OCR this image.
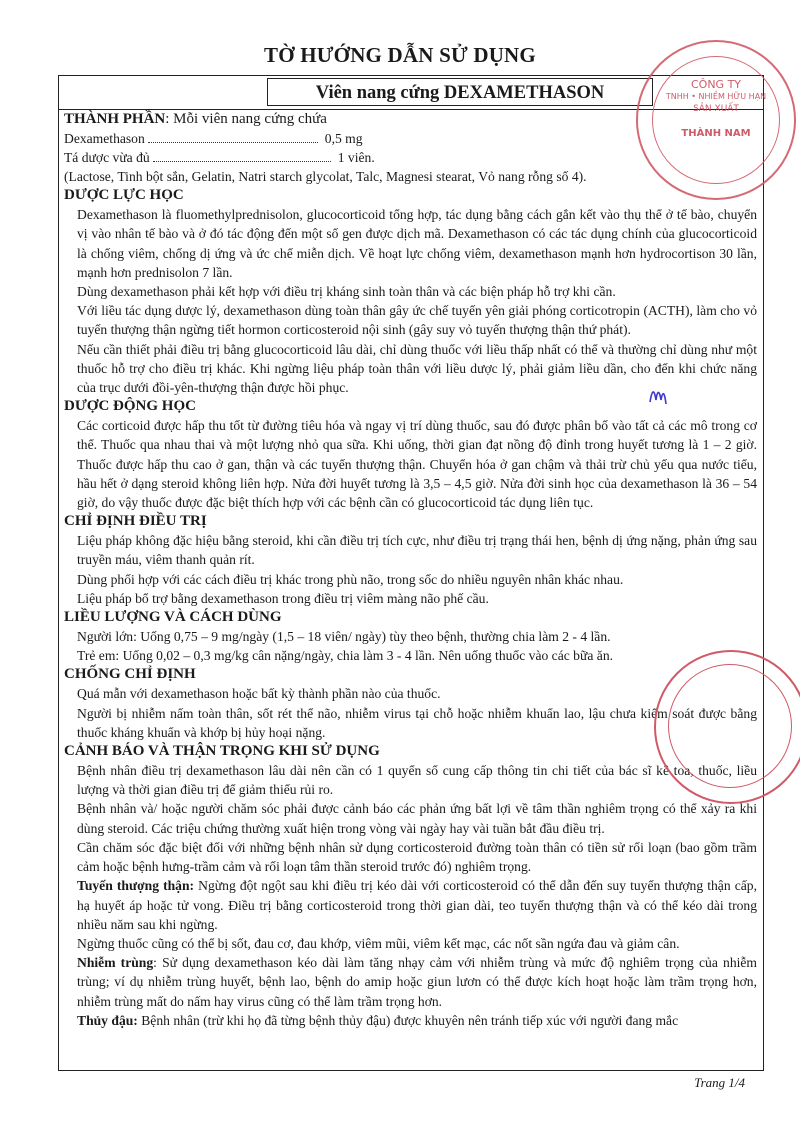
TỜ HƯỚNG DẪN SỬ DỤNG
Viên nang cứng DEXAMETHASON
THÀNH PHẦN: Mỗi viên nang cứng chứa
Dexamethason	0,5 mg
Tá dược vừa đủ	1 viên.
(Lactose, Tinh bột sắn, Gelatin, Natri starch glycolat, Talc, Magnesi stearat, Vỏ nang rỗng số 4).
DƯỢC LỰC HỌC
Dexamethason là fluomethylprednisolon, glucocorticoid tổng hợp, tác dụng bằng cách gắn kết vào thụ thể ở tế bào, chuyển vị vào nhân tế bào và ở đó tác động đến một số gen được dịch mã. Dexamethason có các tác dụng chính của glucocorticoid là chống viêm, chống dị ứng và ức chế miễn dịch. Về hoạt lực chống viêm, dexamethason mạnh hơn hydrocortison 30 lần, mạnh hơn prednisolon 7 lần.
Dùng dexamethason phải kết hợp với điều trị kháng sinh toàn thân và các biện pháp hỗ trợ khi cần.
Với liều tác dụng dược lý, dexamethason dùng toàn thân gây ức chế tuyến yên giải phóng corticotropin (ACTH), làm cho vỏ tuyến thượng thận ngừng tiết hormon corticosteroid nội sinh (gây suy vỏ tuyến thượng thận thứ phát).
Nếu cần thiết phải điều trị bằng glucocorticoid lâu dài, chỉ dùng thuốc với liều thấp nhất có thể và thường chỉ dùng như một thuốc hỗ trợ cho điều trị khác. Khi ngừng liệu pháp toàn thân với liều dược lý, phải giảm liều dần, cho đến khi chức năng của trục dưới đồi-yên-thượng thận được hồi phục.
DƯỢC ĐỘNG HỌC
Các corticoid được hấp thu tốt từ đường tiêu hóa và ngay vị trí dùng thuốc, sau đó được phân bố vào tất cả các mô trong cơ thể. Thuốc qua nhau thai và một lượng nhỏ qua sữa. Khi uống, thời gian đạt nồng độ đỉnh trong huyết tương là 1 – 2 giờ. Thuốc được hấp thu cao ở gan, thận và các tuyến thượng thận. Chuyển hóa ở gan chậm và thải trừ chủ yếu qua nước tiểu, hầu hết ở dạng steroid không liên hợp. Nửa đời huyết tương là 3,5 – 4,5 giờ. Nửa đời sinh học của dexamethason là 36 – 54 giờ, do vậy thuốc được đặc biệt thích hợp với các bệnh cần có glucocorticoid tác dụng liên tục.
CHỈ ĐỊNH ĐIỀU TRỊ
Liệu pháp không đặc hiệu bằng steroid, khi cần điều trị tích cực, như điều trị trạng thái hen, bệnh dị ứng nặng, phản ứng sau truyền máu, viêm thanh quản rít.
Dùng phối hợp với các cách điều trị khác trong phù não, trong sốc do nhiều nguyên nhân khác nhau.
Liệu pháp bổ trợ bằng dexamethason trong điều trị viêm màng não phế cầu.
LIỀU LƯỢNG VÀ CÁCH DÙNG
Người lớn: Uống 0,75 – 9 mg/ngày (1,5 – 18 viên/ ngày) tùy theo bệnh, thường chia làm 2 - 4 lần.
Trẻ em: Uống 0,02 – 0,3 mg/kg cân nặng/ngày, chia làm 3 - 4 lần. Nên uống thuốc vào các bữa ăn.
CHỐNG CHỈ ĐỊNH
Quá mẫn với dexamethason hoặc bất kỳ thành phần nào của thuốc.
Người bị nhiễm nấm toàn thân, sốt rét thể não, nhiễm virus tại chỗ hoặc nhiễm khuẩn lao, lậu chưa kiểm soát được bằng thuốc kháng khuẩn và khớp bị hủy hoại nặng.
CẢNH BÁO VÀ THẬN TRỌNG KHI SỬ DỤNG
Bệnh nhân điều trị dexamethason lâu dài nên cần có 1 quyển sổ cung cấp thông tin chi tiết của bác sĩ kê toa, thuốc, liều lượng và thời gian điều trị để giảm thiểu rủi ro.
Bệnh nhân và/ hoặc người chăm sóc phải được cảnh báo các phản ứng bất lợi về tâm thần nghiêm trọng có thể xảy ra khi dùng steroid. Các triệu chứng thường xuất hiện trong vòng vài ngày hay vài tuần bắt đầu điều trị.
Cần chăm sóc đặc biệt đối với những bệnh nhân sử dụng corticosteroid đường toàn thân có tiền sử rối loạn (bao gồm trầm cảm hoặc bệnh hưng-trầm cảm và rối loạn tâm thần steroid trước đó) nghiêm trọng.
Tuyến thượng thận: Ngừng đột ngột sau khi điều trị kéo dài với corticosteroid có thể dẫn đến suy tuyến thượng thận cấp, hạ huyết áp hoặc tử vong. Điều trị bằng corticosteroid trong thời gian dài, teo tuyến thượng thận và có thể kéo dài trong nhiều năm sau khi ngừng.
Ngừng thuốc cũng có thể bị sốt, đau cơ, đau khớp, viêm mũi, viêm kết mạc, các nốt sần ngứa đau và giảm cân.
Nhiễm trùng: Sử dụng dexamethason kéo dài làm tăng nhạy cảm với nhiễm trùng và mức độ nghiêm trọng của nhiễm trùng; ví dụ nhiễm trùng huyết, bệnh lao, bệnh do amip hoặc giun lươn có thể được kích hoạt hoặc làm trầm trọng hơn, nhiễm trùng mất do nấm hay virus cũng có thể làm trầm trọng hơn.
Thủy đậu: Bệnh nhân (trừ khi họ đã từng bệnh thủy đậu) được khuyên nên tránh tiếp xúc với người đang mắc
Trang 1/4
CÔNG TY
TNHH • NHIỀM HỮU HẠN
SẢN XUẤT
THÀNH NAM
